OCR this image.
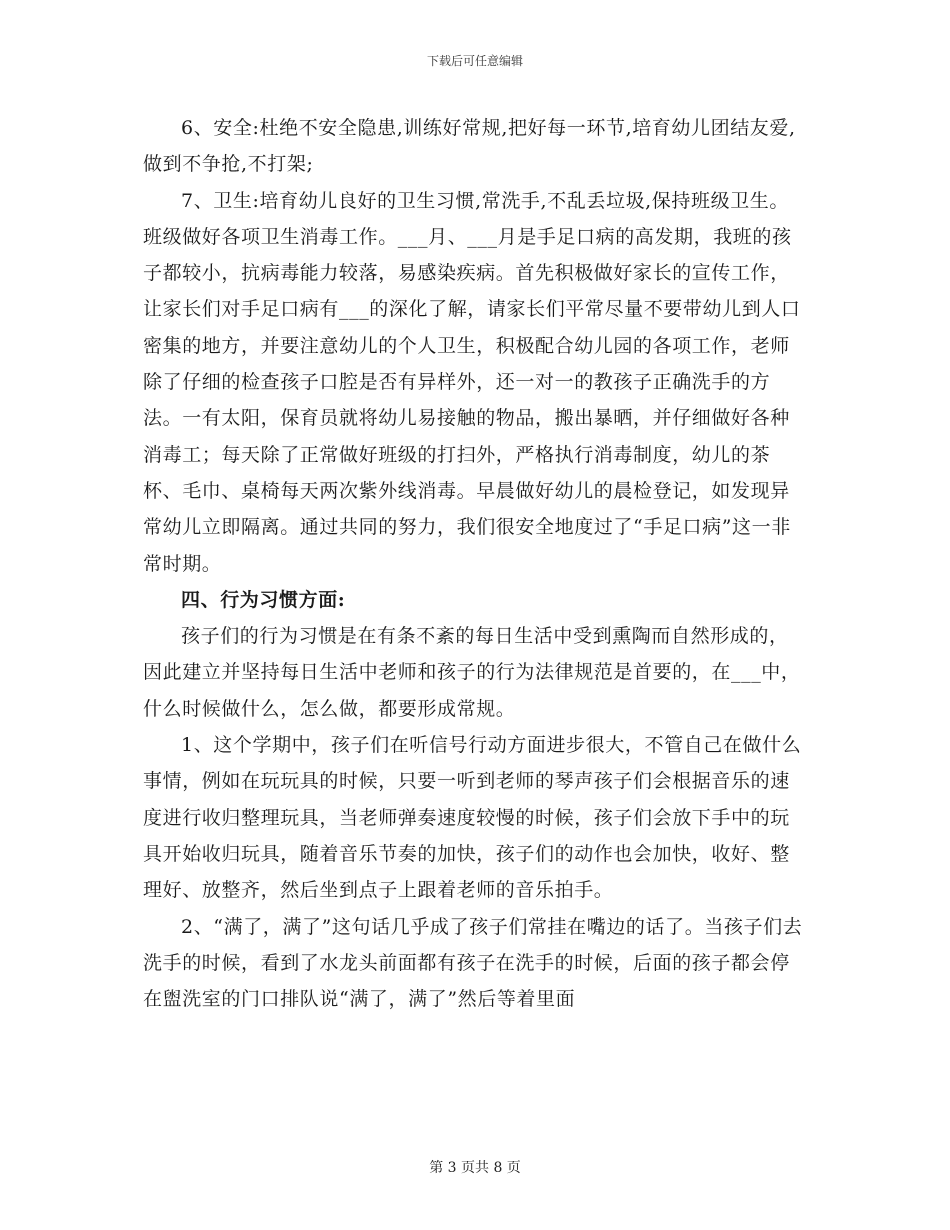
下载后可任意编辑

6、安全:杜绝不安全隐患,训练好常规,把好每一环节,培育幼儿团结友爱,做到不争抢,不打架;

7、卫生:培育幼儿良好的卫生习惯,常洗手,不乱丢垃圾,保持班级卫生。班级做好各项卫生消毒工作。___月、___月是手足口病的高发期，我班的孩子都较小，抗病毒能力较落，易感染疾病。首先积极做好家长的宣传工作，让家长们对手足口病有___的深化了解，请家长们平常尽量不要带幼儿到人口密集的地方，并要注意幼儿的个人卫生，积极配合幼儿园的各项工作，老师除了仔细的检查孩子口腔是否有异样外，还一对一的教孩子正确洗手的方法。一有太阳，保育员就将幼儿易接触的物品，搬出暴晒，并仔细做好各种消毒工；每天除了正常做好班级的打扫外，严格执行消毒制度，幼儿的茶杯、毛巾、桌椅每天两次紫外线消毒。早晨做好幼儿的晨检登记，如发现异常幼儿立即隔离。通过共同的努力，我们很安全地度过了“手足口病”这一非常时期。

四、行为习惯方面:

孩子们的行为习惯是在有条不紊的每日生活中受到熏陶而自然形成的，因此建立并坚持每日生活中老师和孩子的行为法律规范是首要的，在___中，什么时候做什么，怎么做，都要形成常规。

1、这个学期中，孩子们在听信号行动方面进步很大，不管自己在做什么事情，例如在玩玩具的时候，只要一听到老师的琴声孩子们会根据音乐的速度进行收归整理玩具，当老师弹奏速度较慢的时候，孩子们会放下手中的玩具开始收归玩具，随着音乐节奏的加快，孩子们的动作也会加快，收好、整理好、放整齐，然后坐到点子上跟着老师的音乐拍手。

2、“满了，满了”这句话几乎成了孩子们常挂在嘴边的话了。当孩子们去洗手的时候，看到了水龙头前面都有孩子在洗手的时候，后面的孩子都会停在盥洗室的门口排队说“满了，满了”然后等着里面

第 3 页共 8 页
